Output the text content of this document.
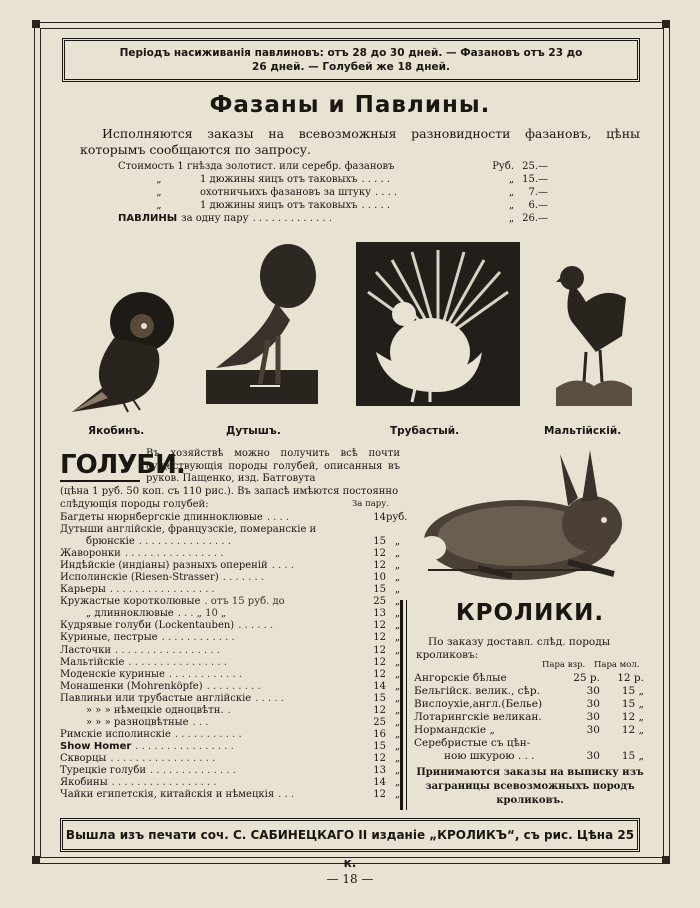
Періодъ насиживанія павлиновъ: отъ 28 до 30 дней. — Фазановъ отъ 23 до
26 дней. — Голубей же 18 дней.
Фазаны и Павлины.
Исполняются заказы на всевозможныя разновидности фазановъ, цѣны которымъ сообщаются по запросу.
Стоимость 1 гнѣзда золотист. или серебр. фазановъ	Руб. 25.—
„	1 дюжины яицъ отъ таковыхъ . . . . .	„ 15.—
„	охотничьихъ фазановъ за штуку . . . .	„	7.—
„	1 дюжины яицъ отъ таковыхъ . . . . .	„	6.—
ПАВЛИНЫ за одну пару . . . . . . . . . . . . .	„ 26.—
Якобинъ.	Дутышъ.	Трубастый.	Мальтійскій.
ГОЛУБИ.
Въ хозяйствѣ можно получить всѣ почти существующія породы голубей, описанныя въ руков. Пащенко, изд. Батговута
(цѣна 1 руб. 50 коп. съ 110 рис.). Въ запасѣ имѣются постоянно слѣдующія породы голубей:	За пару.
Багдеты нюрнбергскіе длинноклювые . . . .	14 руб.
Дутыши англійскіе, французскіе, померанскіе и
брюнскіе . . . . . . . . . . . . . . .	15 „
Жаворонки . . . . . . . . . . . . . . . .	12 „
Индѣйскіе (индіаны) разныхъ опереній . . . .	12 „
Исполинскіе (Riesen-Strasser) . . . . . . .	10 „
Карьеры . . . . . . . . . . . . . . . . .	15 „
Кружастые коротколювые . отъ 15 руб. до	25 „
„ длинноклювые . . . „ 10 „	13 „
Кудрявые голуби (Lockentauben) . . . . . .	12 „
Куриные, пестрые . . . . . . . . . . . .	12 „
Ласточки . . . . . . . . . . . . . . . . .	12 „
Мальтійскіе . . . . . . . . . . . . . . . .	12 „
Моденскіе куриные . . . . . . . . . . . .	12 „
Монашенки (Mohrenköpfe) . . . . . . . . .	14 „
Павлиньи или трубастые англійскіе . . . . .	15 „
» » » нѣмецкіе одноцвѣтн. .	12 „
» » » разноцвѣтные . . .	25 „
Римскіе исполинскіе . . . . . . . . . . .	16 „
Show Homer . . . . . . . . . . . . . . . .	15 „
Скворцы . . . . . . . . . . . . . . . . .	12 „
Турецкіе голуби . . . . . . . . . . . . . .	13 „
Якобины . . . . . . . . . . . . . . . . .	14 „
Чайки египетскія, китайскія и нѣмецкія . . .	12 „
КРОЛИКИ.
По заказу доставл. слѣд. породы кроликовъ:
Пара взр. Пара мол.
Ангорскіе бѣлые	25 р.	12 р.
Бельгійск. велик., сѣр.	30	15 „
Вислоухіе,англ.(Бельe)	30	15 „
Лотарингскіе великан.	30	12 „
Нормандскіе „	30	12 „
Серебристые съ цѣн-
ною шкурою . . .	30	15 „
Принимаются заказы на выписку изъ заграницы всевозможныхъ породъ кроликовъ.
Вышла изъ печати соч. С. САБИНЕЦКАГО II изданіе „КРОЛИКЪ“, съ рис. Цѣна 25 к.
— 18 —
